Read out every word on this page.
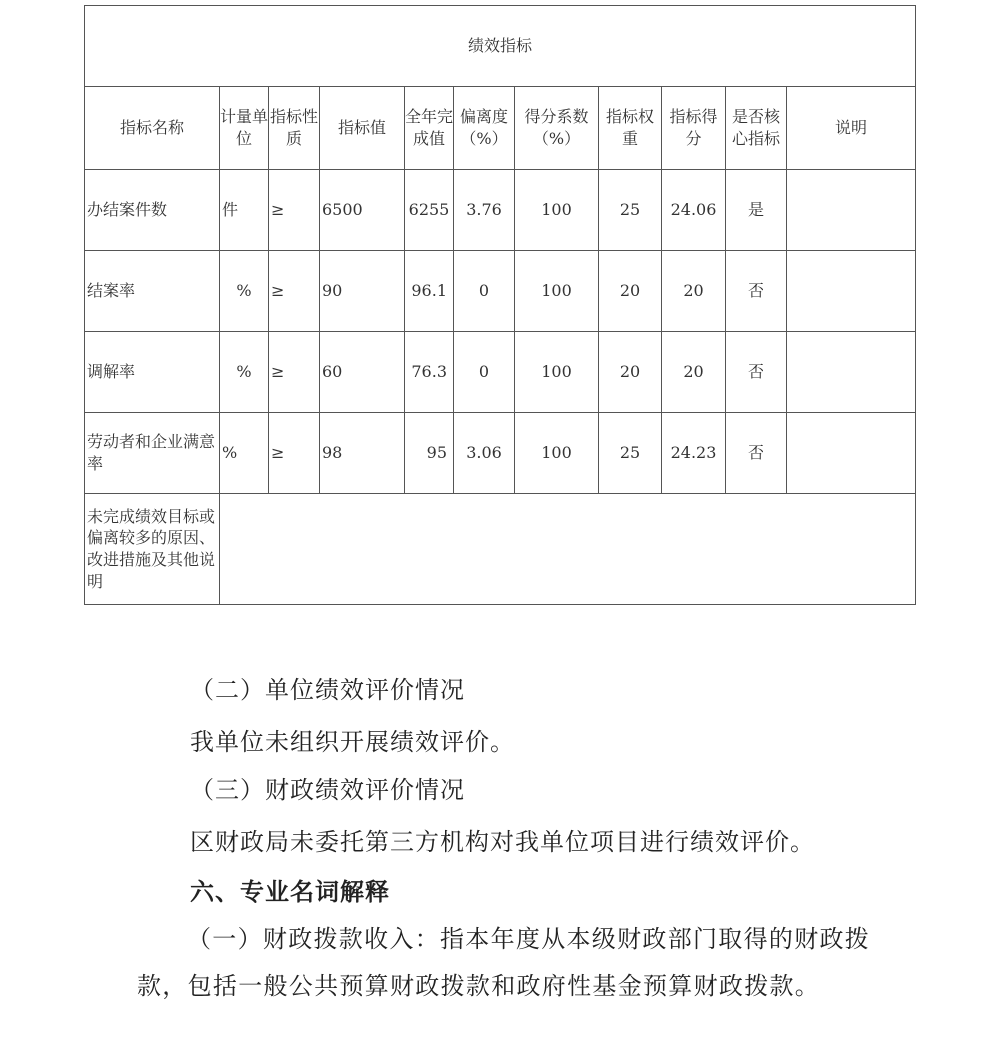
绩效指标										
指标名称	计量单位	指标性质	指标值	全年完成值	偏离度（%）	得分系数（%）	指标权重	指标得分	是否核心指标	说明
办结案件数	件	≥	6500	6255	3.76	100	25	24.06	是	
结案率	%	≥	90	96.1	0	100	20	20	否	
调解率	%	≥	60	76.3	0	100	20	20	否	
劳动者和企业满意率	%	≥	98	95	3.06	100	25	24.23	否	
未完成绩效目标或偏离较多的原因、改进措施及其他说明										
（二）单位绩效评价情况
我单位未组织开展绩效评价。
（三）财政绩效评价情况
区财政局未委托第三方机构对我单位项目进行绩效评价。
六、专业名词解释
（一）财政拨款收入：指本年度从本级财政部门取得的财政拨款，包括一般公共预算财政拨款和政府性基金预算财政拨款。
